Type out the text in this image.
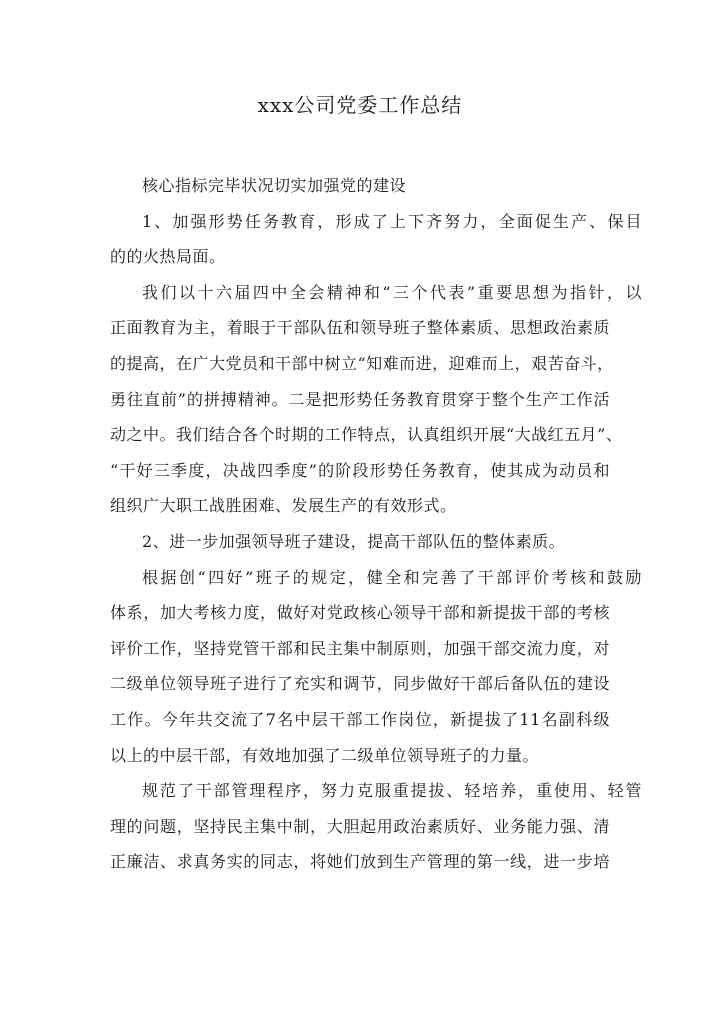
xxx公司党委工作总结
核心指标完毕状况切实加强党的建设
1、加强形势任务教育，形成了上下齐努力，全面促生产、保目
的的火热局面。
我们以十六届四中全会精神和“三个代表”重要思想为指针，以
正面教育为主，着眼于干部队伍和领导班子整体素质、思想政治素质
的提高，在广大党员和干部中树立“知难而进，迎难而上，艰苦奋斗，
勇往直前”的拼搏精神。二是把形势任务教育贯穿于整个生产工作活
动之中。我们结合各个时期的工作特点，认真组织开展“大战红五月”、
“干好三季度，决战四季度”的阶段形势任务教育，使其成为动员和
组织广大职工战胜困难、发展生产的有效形式。
2、进一步加强领导班子建设，提高干部队伍的整体素质。
根据创“四好”班子的规定，健全和完善了干部评价考核和鼓励
体系，加大考核力度，做好对党政核心领导干部和新提拔干部的考核
评价工作，坚持党管干部和民主集中制原则，加强干部交流力度，对
二级单位领导班子进行了充实和调节，同步做好干部后备队伍的建设
工作。今年共交流了7名中层干部工作岗位，新提拔了11名副科级
以上的中层干部，有效地加强了二级单位领导班子的力量。
规范了干部管理程序，努力克服重提拔、轻培养，重使用、轻管
理的问题，坚持民主集中制，大胆起用政治素质好、业务能力强、清
正廉洁、求真务实的同志，将她们放到生产管理的第一线，进一步培
